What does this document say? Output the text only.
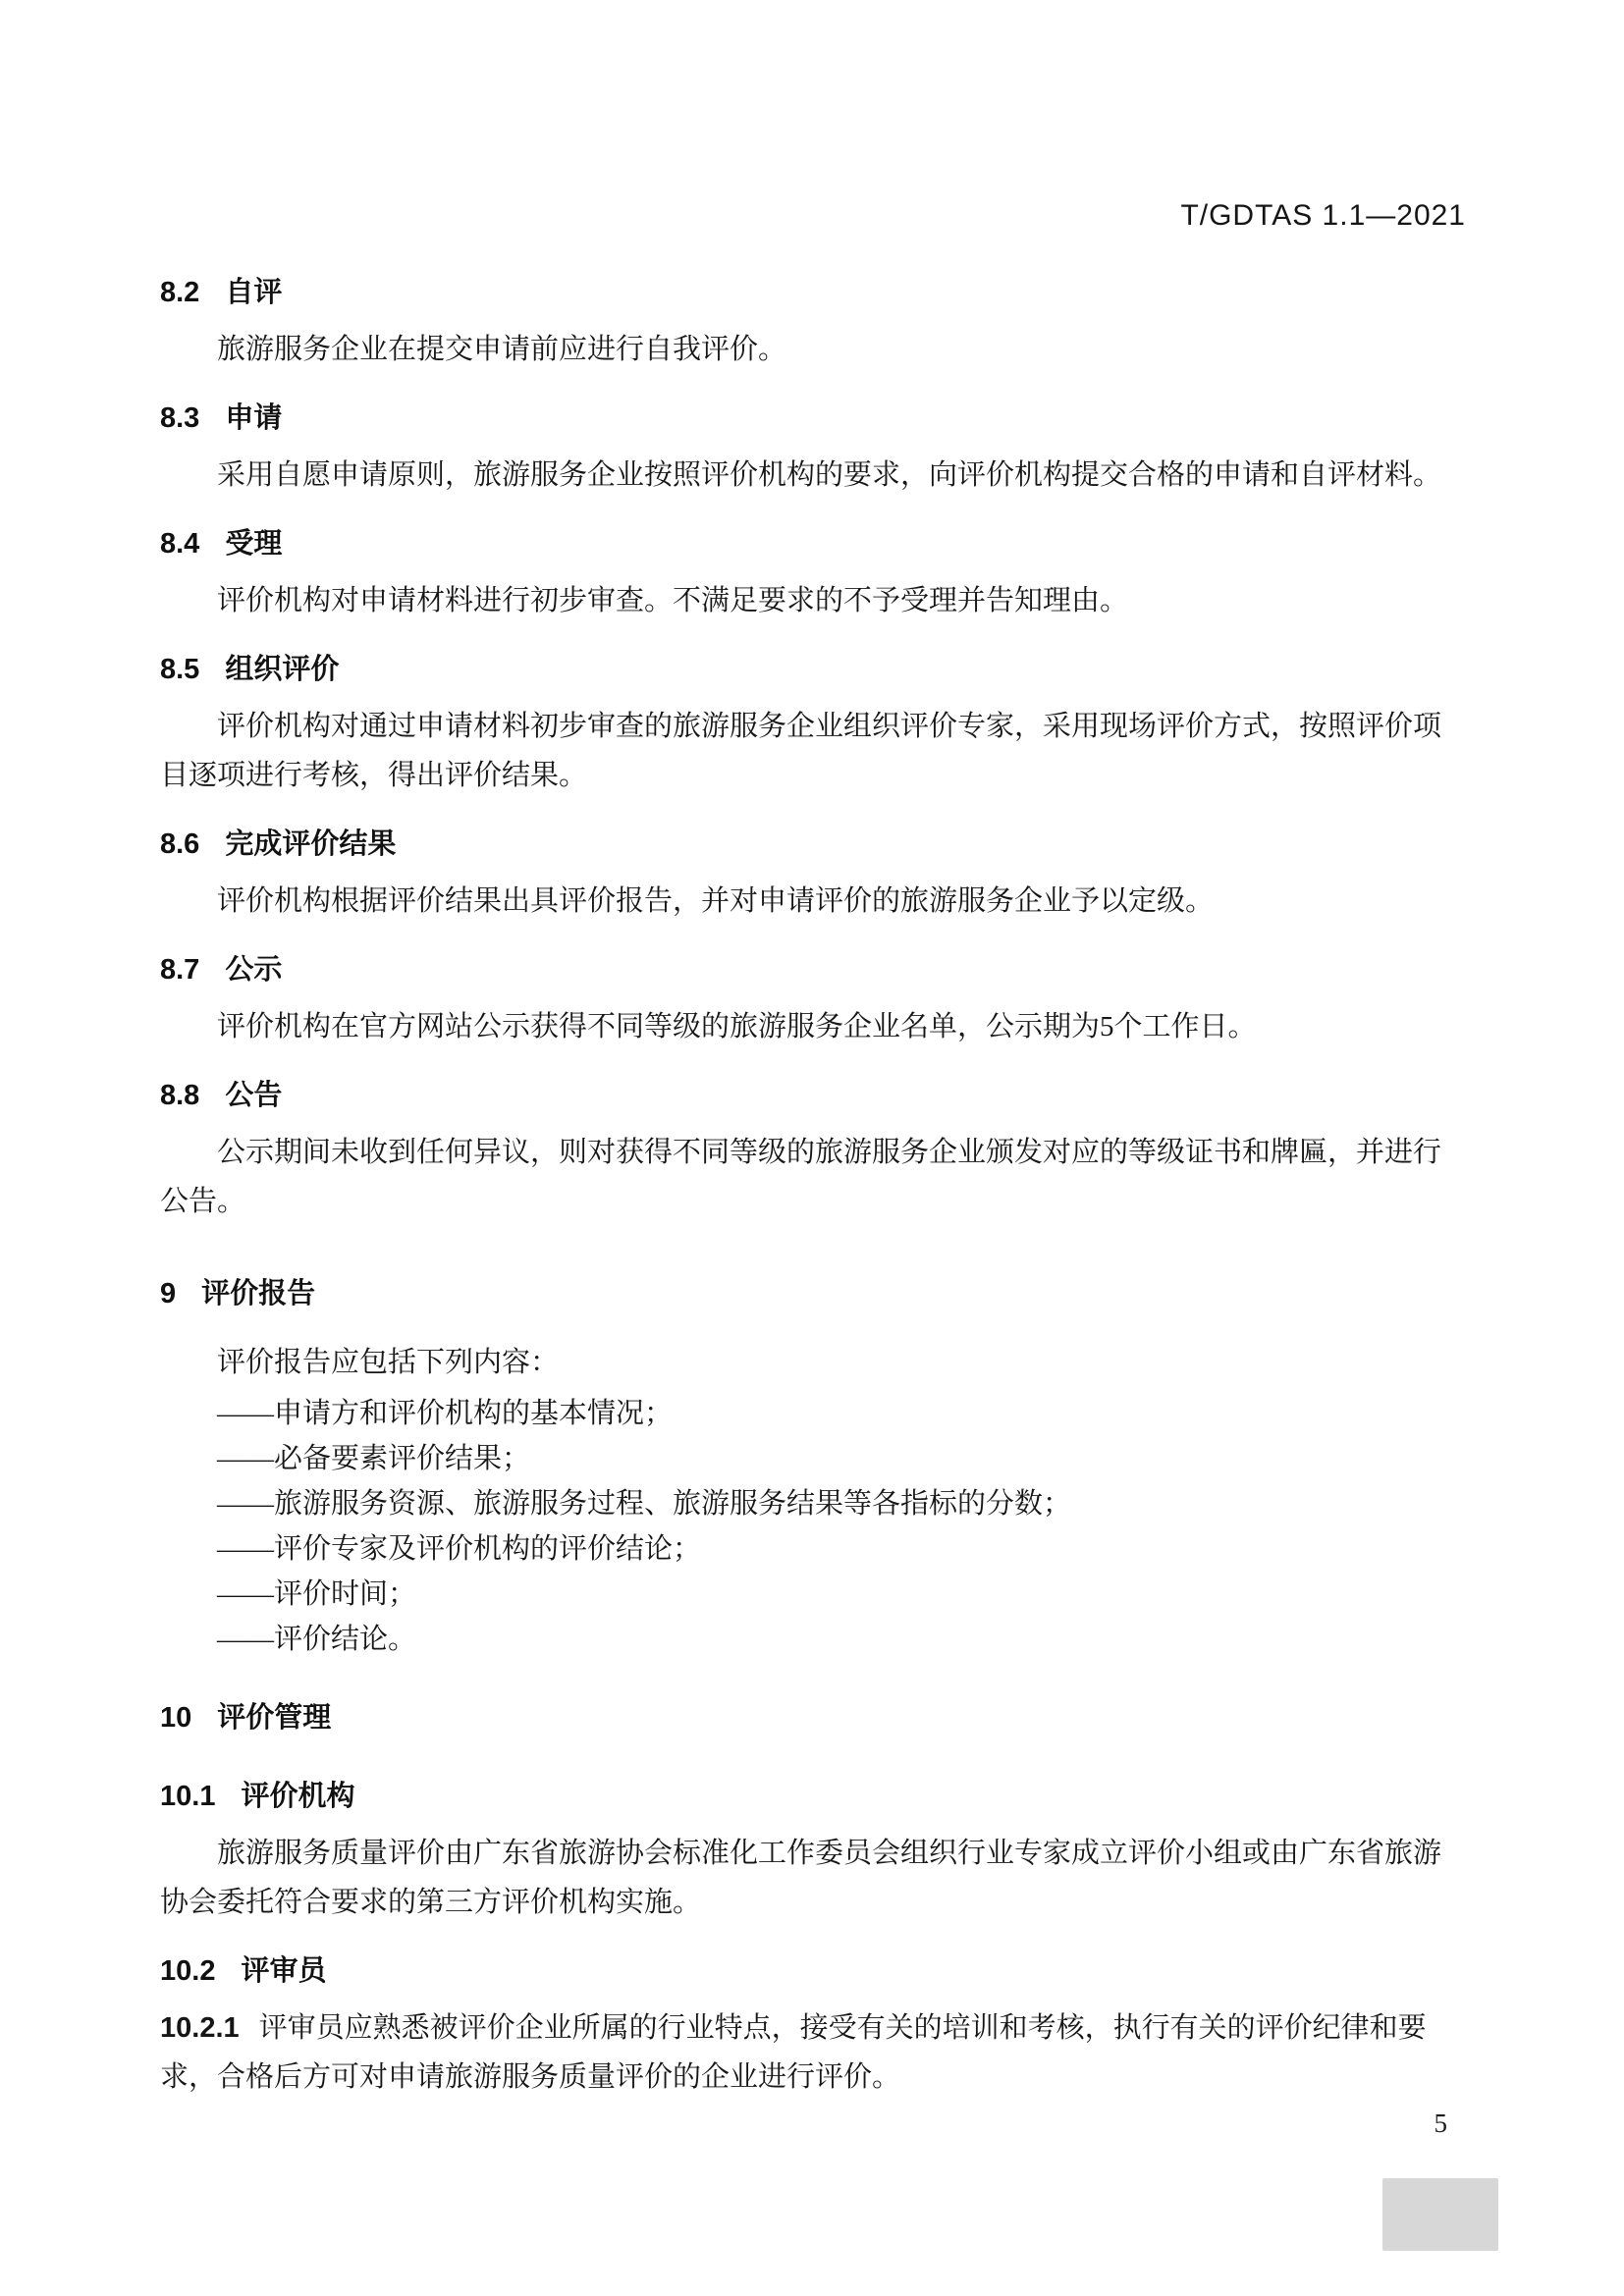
T/GDTAS 1.1—2021
8.2 自评

旅游服务企业在提交申请前应进行自我评价。

8.3 申请

采用自愿申请原则，旅游服务企业按照评价机构的要求，向评价机构提交合格的申请和自评材料。

8.4 受理

评价机构对申请材料进行初步审查。不满足要求的不予受理并告知理由。

8.5 组织评价

评价机构对通过申请材料初步审查的旅游服务企业组织评价专家，采用现场评价方式，按照评价项目逐项进行考核，得出评价结果。

8.6 完成评价结果

评价机构根据评价结果出具评价报告，并对申请评价的旅游服务企业予以定级。

8.7 公示

评价机构在官方网站公示获得不同等级的旅游服务企业名单，公示期为5个工作日。

8.8 公告

公示期间未收到任何异议，则对获得不同等级的旅游服务企业颁发对应的等级证书和牌匾，并进行公告。

9 评价报告

评价报告应包括下列内容：

——申请方和评价机构的基本情况；

——必备要素评价结果；

——旅游服务资源、旅游服务过程、旅游服务结果等各指标的分数；

——评价专家及评价机构的评价结论；

——评价时间；

——评价结论。

10 评价管理
10.1 评价机构

旅游服务质量评价由广东省旅游协会标准化工作委员会组织行业专家成立评价小组或由广东省旅游协会委托符合要求的第三方评价机构实施。

10.2 评审员

10.2.1 评审员应熟悉被评价企业所属的行业特点，接受有关的培训和考核，执行有关的评价纪律和要求，合格后方可对申请旅游服务质量评价的企业进行评价。

5
